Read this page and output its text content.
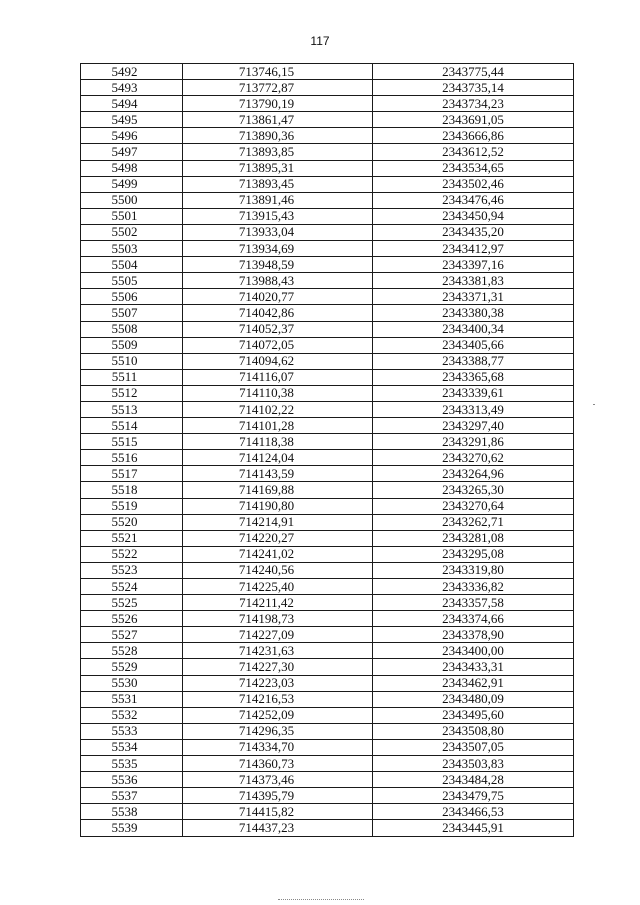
117
5492	713746,15	2343775,44
5493	713772,87	2343735,14
5494	713790,19	2343734,23
5495	713861,47	2343691,05
5496	713890,36	2343666,86
5497	713893,85	2343612,52
5498	713895,31	2343534,65
5499	713893,45	2343502,46
5500	713891,46	2343476,46
5501	713915,43	2343450,94
5502	713933,04	2343435,20
5503	713934,69	2343412,97
5504	713948,59	2343397,16
5505	713988,43	2343381,83
5506	714020,77	2343371,31
5507	714042,86	2343380,38
5508	714052,37	2343400,34
5509	714072,05	2343405,66
5510	714094,62	2343388,77
5511	714116,07	2343365,68
5512	714110,38	2343339,61
5513	714102,22	2343313,49
5514	714101,28	2343297,40
5515	714118,38	2343291,86
5516	714124,04	2343270,62
5517	714143,59	2343264,96
5518	714169,88	2343265,30
5519	714190,80	2343270,64
5520	714214,91	2343262,71
5521	714220,27	2343281,08
5522	714241,02	2343295,08
5523	714240,56	2343319,80
5524	714225,40	2343336,82
5525	714211,42	2343357,58
5526	714198,73	2343374,66
5527	714227,09	2343378,90
5528	714231,63	2343400,00
5529	714227,30	2343433,31
5530	714223,03	2343462,91
5531	714216,53	2343480,09
5532	714252,09	2343495,60
5533	714296,35	2343508,80
5534	714334,70	2343507,05
5535	714360,73	2343503,83
5536	714373,46	2343484,28
5537	714395,79	2343479,75
5538	714415,82	2343466,53
5539	714437,23	2343445,91
